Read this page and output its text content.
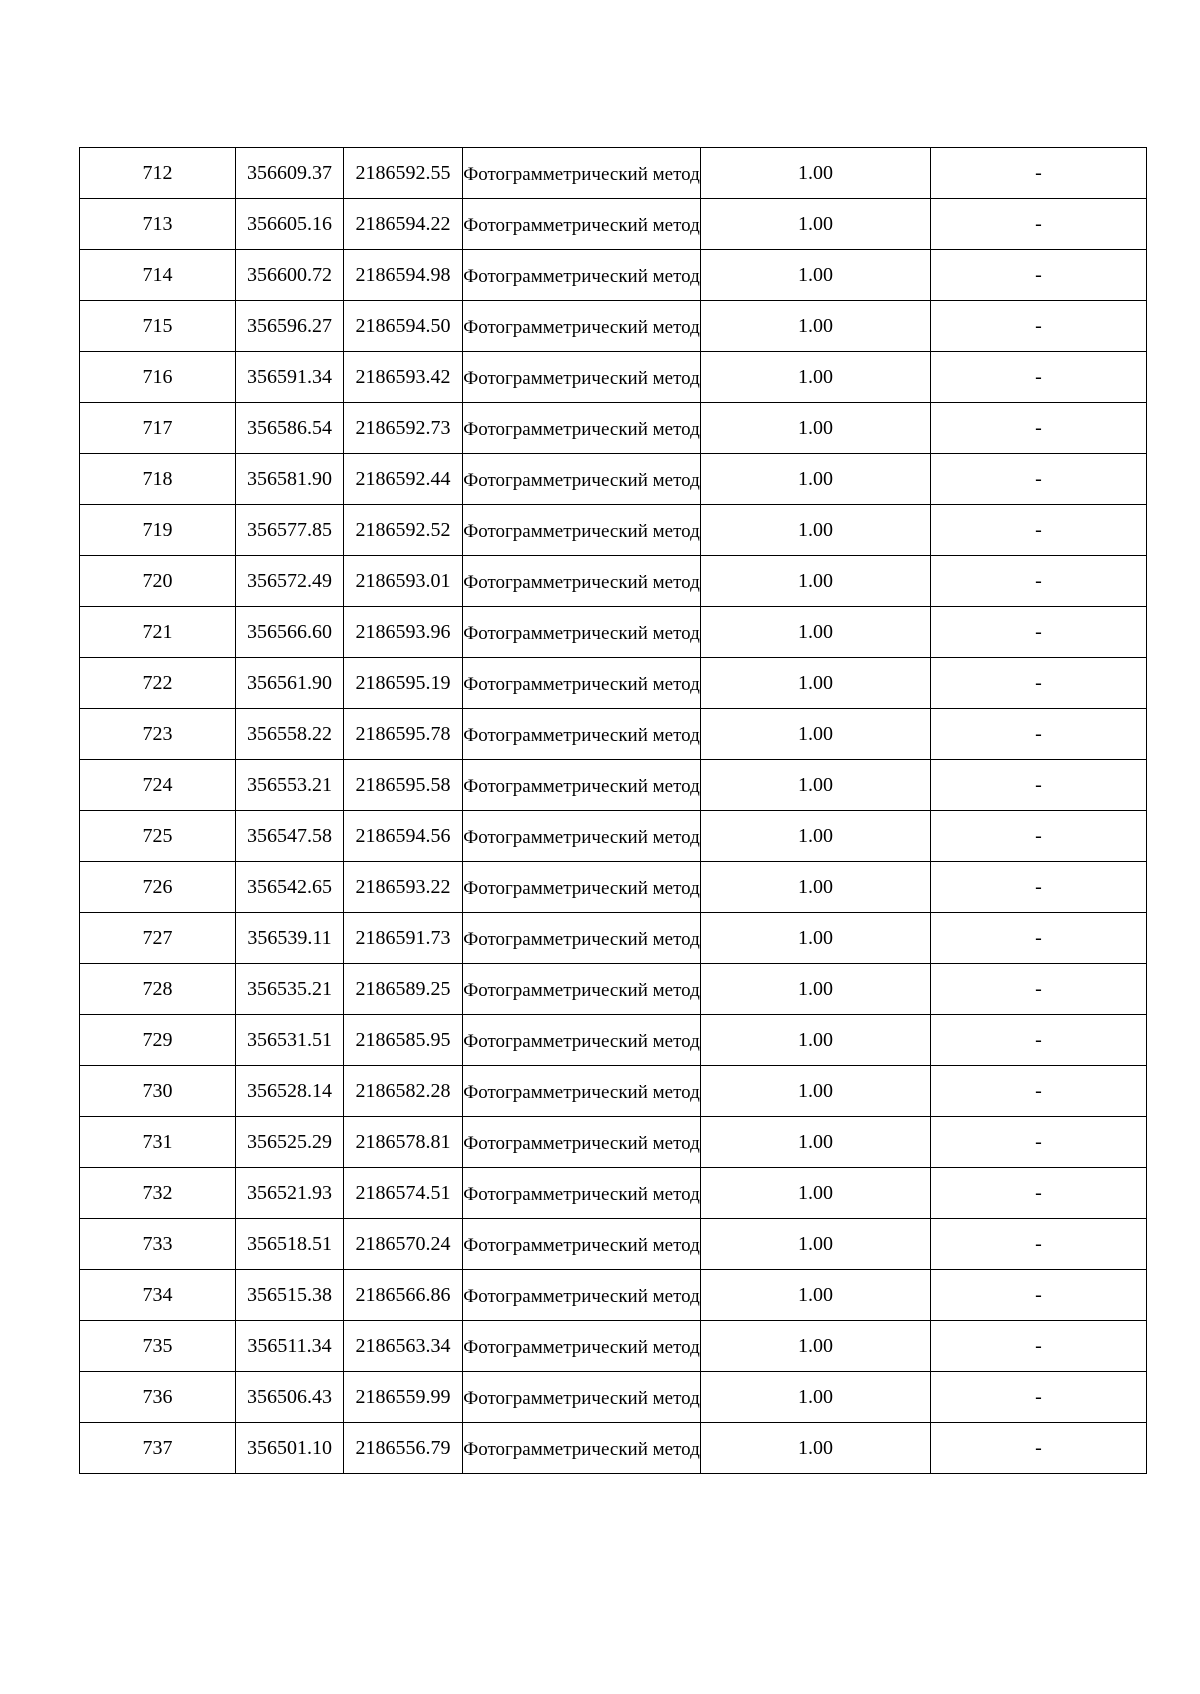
712	356609.37	2186592.55	Фотограмметрический метод	1.00	-
713	356605.16	2186594.22	Фотограмметрический метод	1.00	-
714	356600.72	2186594.98	Фотограмметрический метод	1.00	-
715	356596.27	2186594.50	Фотограмметрический метод	1.00	-
716	356591.34	2186593.42	Фотограмметрический метод	1.00	-
717	356586.54	2186592.73	Фотограмметрический метод	1.00	-
718	356581.90	2186592.44	Фотограмметрический метод	1.00	-
719	356577.85	2186592.52	Фотограмметрический метод	1.00	-
720	356572.49	2186593.01	Фотограмметрический метод	1.00	-
721	356566.60	2186593.96	Фотограмметрический метод	1.00	-
722	356561.90	2186595.19	Фотограмметрический метод	1.00	-
723	356558.22	2186595.78	Фотограмметрический метод	1.00	-
724	356553.21	2186595.58	Фотограмметрический метод	1.00	-
725	356547.58	2186594.56	Фотограмметрический метод	1.00	-
726	356542.65	2186593.22	Фотограмметрический метод	1.00	-
727	356539.11	2186591.73	Фотограмметрический метод	1.00	-
728	356535.21	2186589.25	Фотограмметрический метод	1.00	-
729	356531.51	2186585.95	Фотограмметрический метод	1.00	-
730	356528.14	2186582.28	Фотограмметрический метод	1.00	-
731	356525.29	2186578.81	Фотограмметрический метод	1.00	-
732	356521.93	2186574.51	Фотограмметрический метод	1.00	-
733	356518.51	2186570.24	Фотограмметрический метод	1.00	-
734	356515.38	2186566.86	Фотограмметрический метод	1.00	-
735	356511.34	2186563.34	Фотограмметрический метод	1.00	-
736	356506.43	2186559.99	Фотограмметрический метод	1.00	-
737	356501.10	2186556.79	Фотограмметрический метод	1.00	-
